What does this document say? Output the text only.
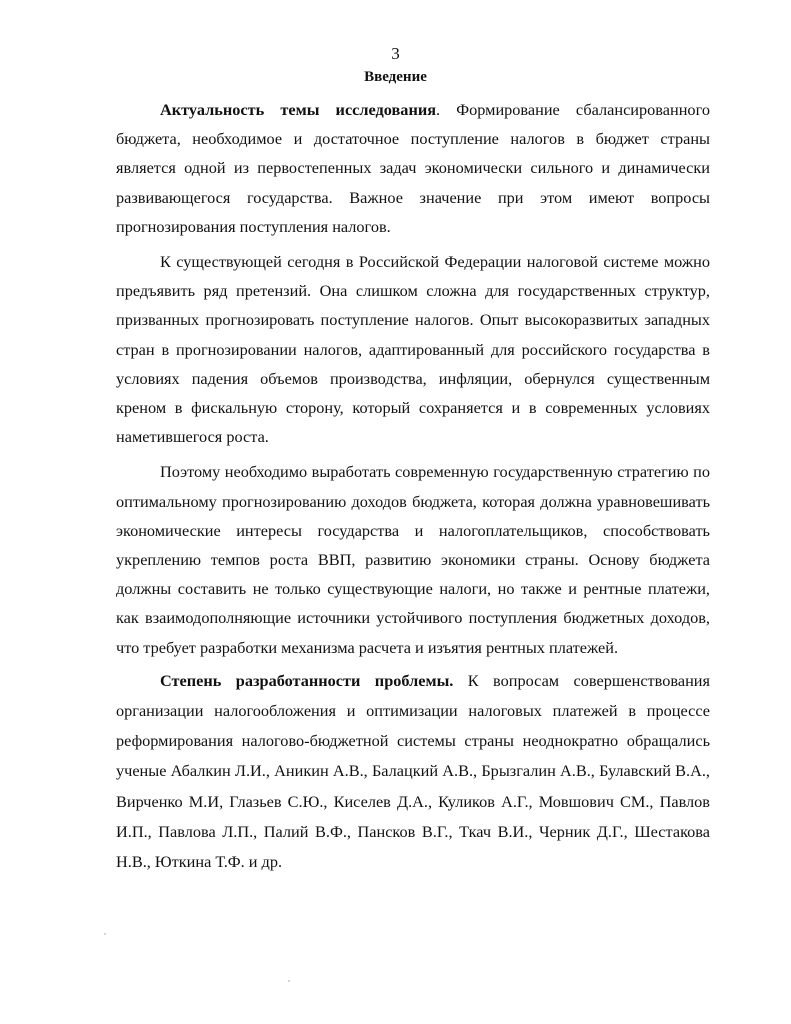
3
Введение

Актуальность темы исследования. Формирование сбалансированного бюджета, необходимое и достаточное поступление налогов в бюджет страны является одной из первостепенных задач экономически сильного и динамически развивающегося государства. Важное значение при этом имеют вопросы прогнозирования поступления налогов.

К существующей сегодня в Российской Федерации налоговой системе можно предъявить ряд претензий. Она слишком сложна для государственных структур, призванных прогнозировать поступление налогов. Опыт высокоразвитых западных стран в прогнозировании налогов, адаптированный для российского государства в условиях падения объемов производства, инфляции, обернулся существенным креном в фискальную сторону, который сохраняется и в современных условиях наметившегося роста.

Поэтому необходимо выработать современную государственную стратегию по оптимальному прогнозированию доходов бюджета, которая должна уравновешивать экономические интересы государства и налогоплательщиков, способствовать укреплению темпов роста ВВП, развитию экономики страны. Основу бюджета должны составить не только существующие налоги, но также и рентные платежи, как взаимодополняющие источники устойчивого поступления бюджетных доходов, что требует разработки механизма расчета и изъятия рентных платежей.

Степень разработанности проблемы. К вопросам совершенствования организации налогообложения и оптимизации налоговых платежей в процессе реформирования налогово-бюджетной системы страны неоднократно обращались ученые Абалкин Л.И., Аникин А.В., Балацкий А.В., Брызгалин А.В., Булавский В.А., Вирченко М.И, Глазьев С.Ю., Киселев Д.А., Куликов А.Г., Мовшович СМ., Павлов И.П., Павлова Л.П., Палий В.Ф., Пансков В.Г., Ткач В.И., Черник Д.Г., Шестакова Н.В., Юткина Т.Ф. и др.
